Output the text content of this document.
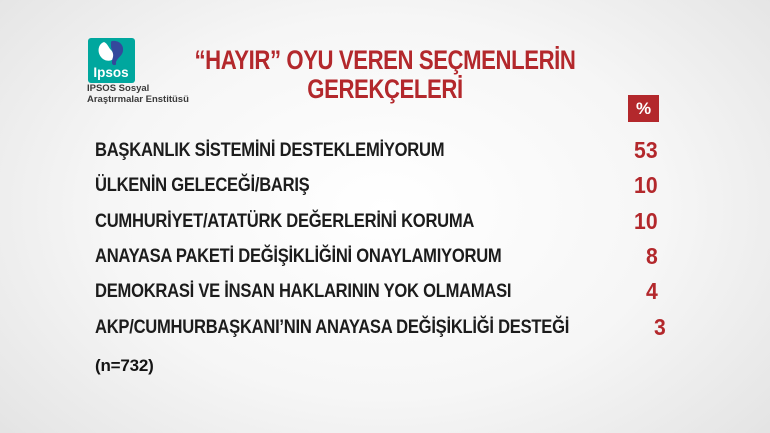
Ipsos
IPSOS Sosyal
Araştırmalar Enstitüsü
“HAYIR” OYU VEREN SEÇMENLERİN
GEREKÇELERİ
%
BAŞKANLIK SİSTEMİNİ DESTEKLEMİYORUM	53
ÜLKENİN GELECEĞİ/BARIŞ	10
CUMHURİYET/ATATÜRK DEĞERLERİNİ KORUMA	10
ANAYASA PAKETİ DEĞİŞİKLİĞİNİ ONAYLAMIYORUM	8
DEMOKRASİ VE İNSAN HAKLARININ YOK OLMAMASI	4
AKP/CUMHURBAŞKANI’NIN ANAYASA DEĞİŞİKLİĞİ DESTEĞİ	3
(n=732)
